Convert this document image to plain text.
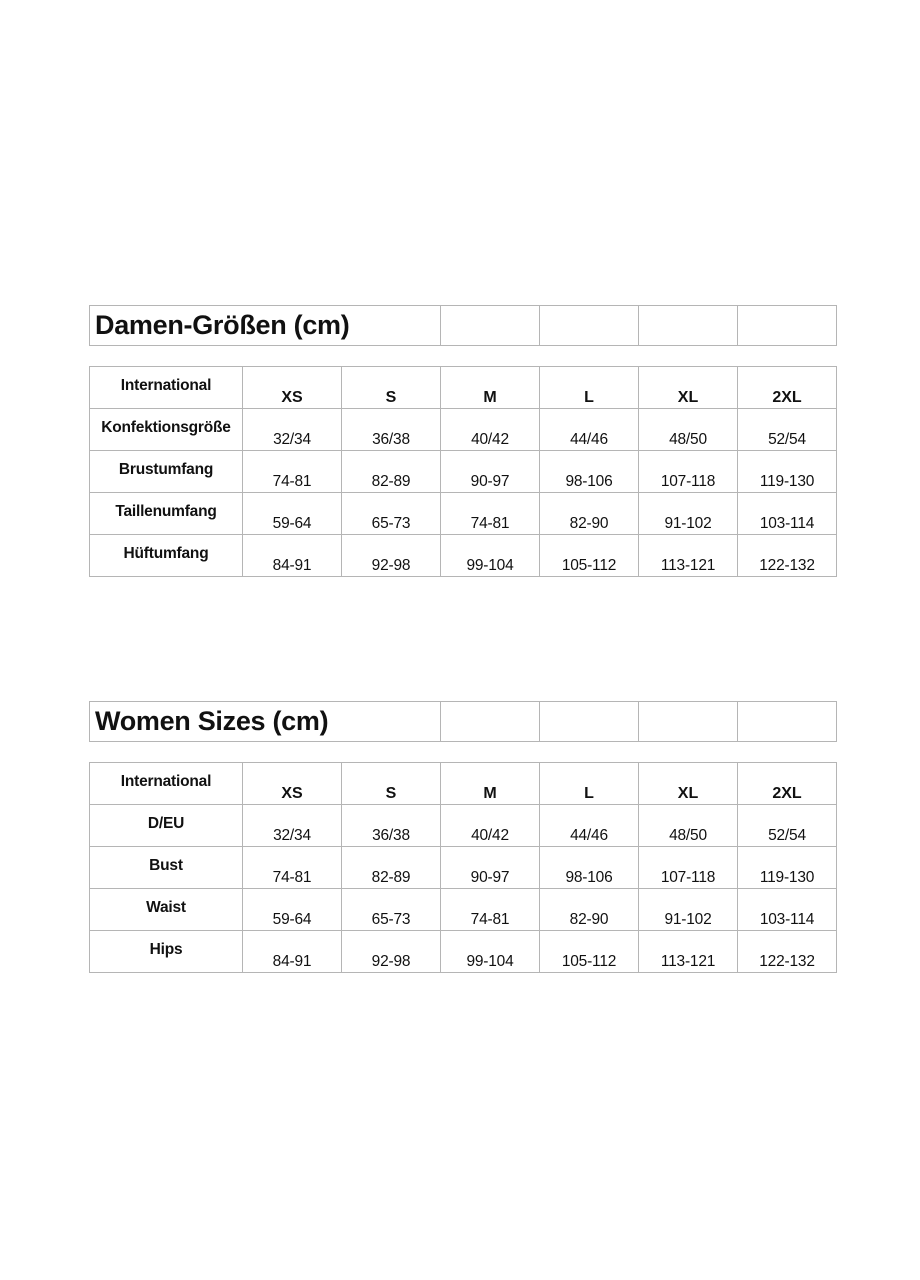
Damen-Größen (cm)				
International	XS	S	M	L	XL	2XL
Konfektionsgröße	32/34	36/38	40/42	44/46	48/50	52/54
Brustumfang	74-81	82-89	90-97	98-106	107-118	119-130
Taillenumfang	59-64	65-73	74-81	82-90	91-102	103-114
Hüftumfang	84-91	92-98	99-104	105-112	113-121	122-132
Women Sizes (cm)				
International	XS	S	M	L	XL	2XL
D/EU	32/34	36/38	40/42	44/46	48/50	52/54
Bust	74-81	82-89	90-97	98-106	107-118	119-130
Waist	59-64	65-73	74-81	82-90	91-102	103-114
Hips	84-91	92-98	99-104	105-112	113-121	122-132
